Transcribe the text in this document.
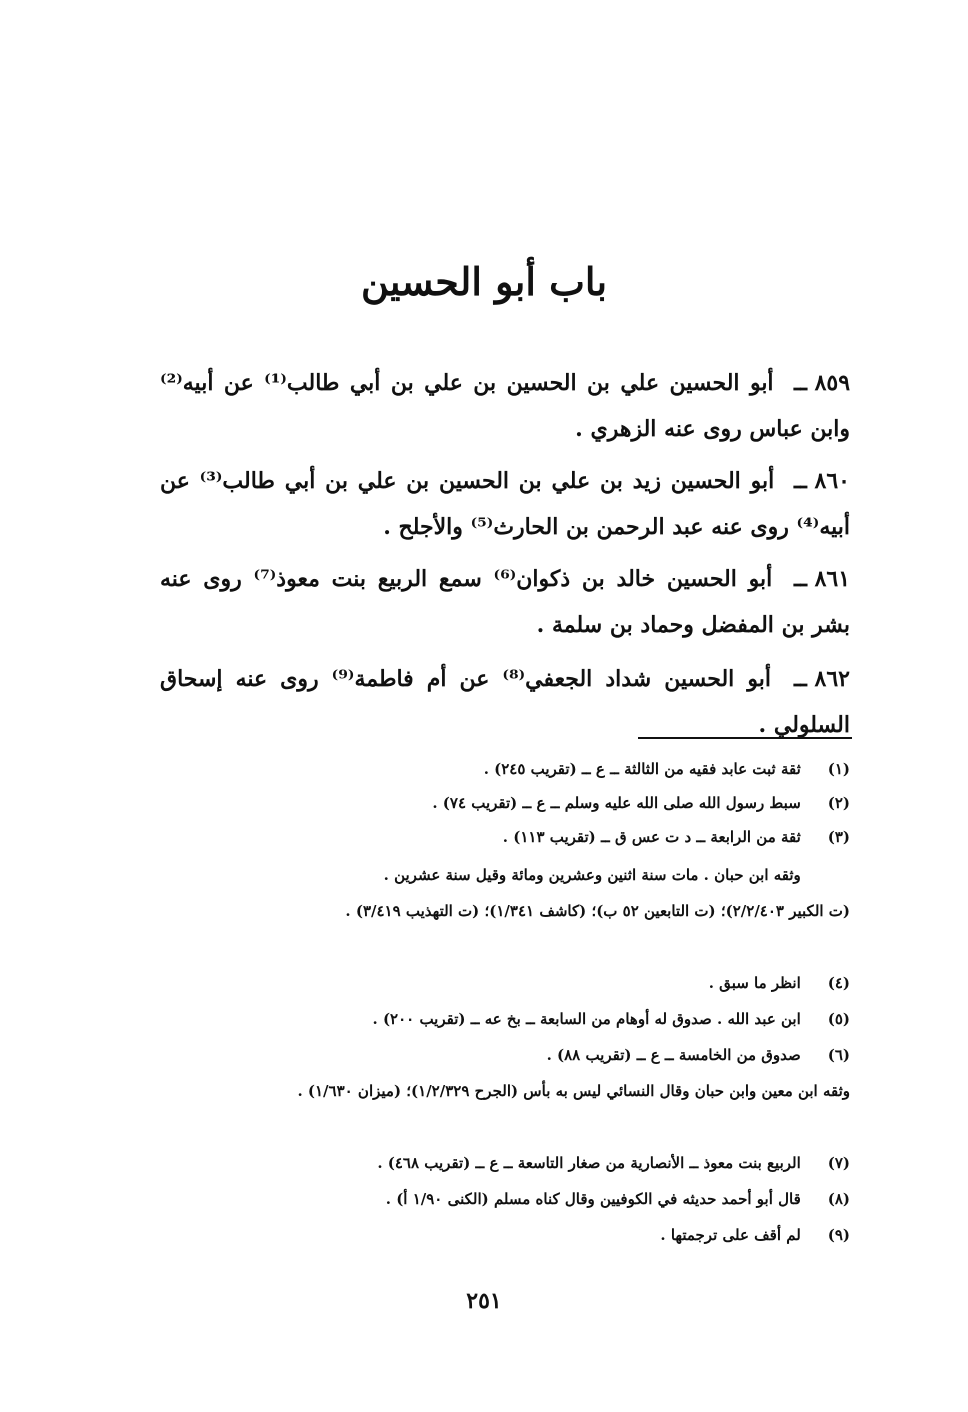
باب أبو الحسين
٨٥٩ ــ أبو الحسين علي بن الحسين بن علي بن أبي طالب⁽¹⁾ عن أبيه⁽²⁾ وابن عباس روى عنه الزهري .
٨٦٠ ــ أبو الحسين زيد بن علي بن الحسين بن علي بن أبي طالب⁽³⁾ عن أبيه⁽⁴⁾ روى عنه عبد الرحمن بن الحارث⁽⁵⁾ والأجلح .
٨٦١ ــ أبو الحسين خالد بن ذكوان⁽⁶⁾ سمع الربيع بنت معوذ⁽⁷⁾ روى عنه بشر بن المفضل وحماد بن سلمة .
٨٦٢ ــ أبو الحسين شداد الجعفي⁽⁸⁾ عن أم فاطمة⁽⁹⁾ روى عنه إسحاق السلولي .
(١) ثقة ثبت عابد فقيه من الثالثة ــ ع ــ (تقريب ٢٤٥) .
(٢) سبط رسول الله صلى الله عليه وسلم ــ ع ــ (تقريب ٧٤) .
(٣) ثقة من الرابعة ــ د ت عس ق ــ (تقريب ١١٣) .
وثقه ابن حبان . مات سنة اثنين وعشرين ومائة وقيل سنة عشرين .
(ت الكبير ٢/٢/٤٠٣)؛ (ت التابعين ٥٢ ب)؛ (كاشف ١/٣٤١)؛ (ت التهذيب ٣/٤١٩) .
(٤) انظر ما سبق .
(٥) ابن عبد الله . صدوق له أوهام من السابعة ــ بخ عه ــ (تقريب ٢٠٠) .
(٦) صدوق من الخامسة ــ ع ــ (تقريب ٨٨) .
وثقه ابن معين وابن حبان وقال النسائي ليس به بأس (الجرح ١/٢/٣٢٩)؛ (ميزان ١/٦٣٠) .
(٧) الربيع بنت معوذ ــ الأنصارية من صغار التاسعة ــ ع ــ (تقريب ٤٦٨) .
(٨) قال أبو أحمد حديثه في الكوفيين وقال كناه مسلم (الكنى ١/٩٠ أ) .
(٩) لم أقف على ترجمتها .
٢٥١
